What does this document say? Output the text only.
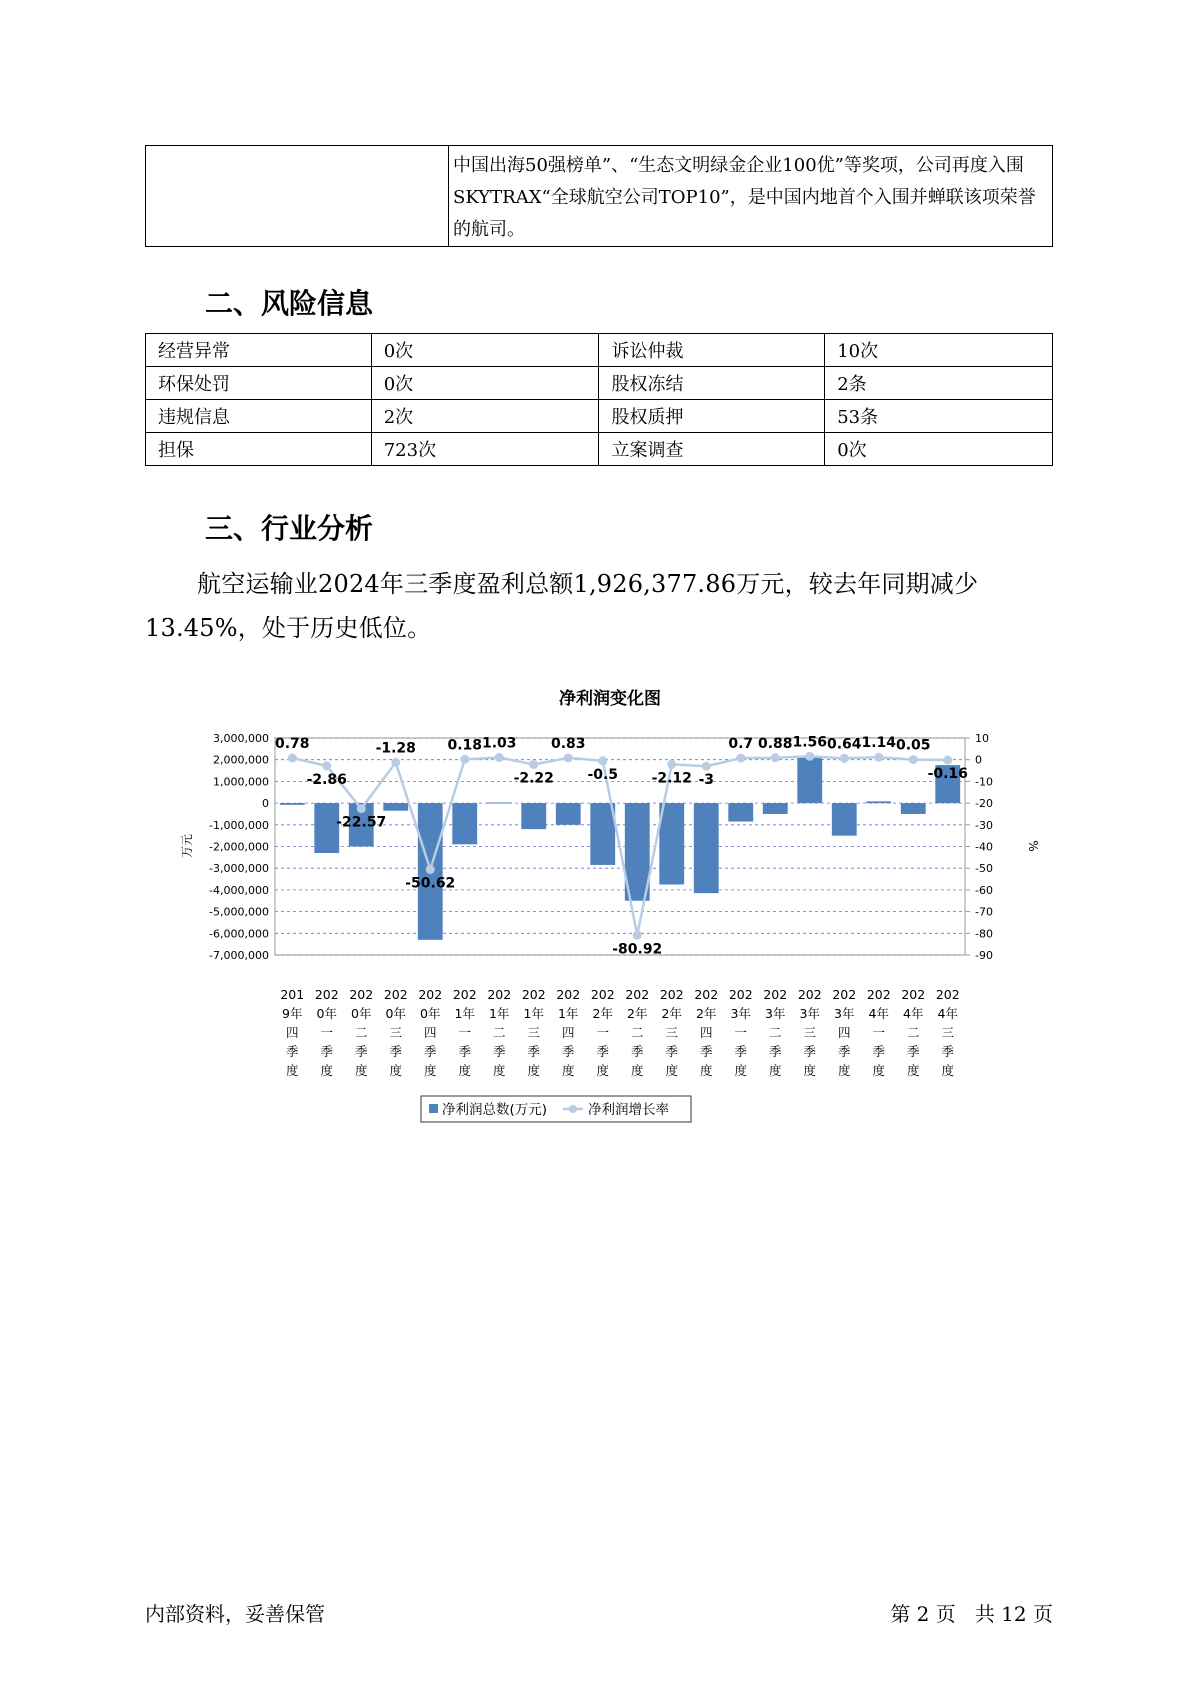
	中国出海50强榜单”、“生态文明绿金企业100优”等奖项，公司再度入围SKYTRAX“全球航空公司TOP10”，是中国内地首个入围并蝉联该项荣誉的航司。
二、风险信息
经营异常	0次	诉讼仲裁	10次
环保处罚	0次	股权冻结	2条
违规信息	2次	股权质押	53条
担保	723次	立案调查	0次
三、行业分析

航空运输业2024年三季度盈利总额1,926,377.86万元，较去年同期减少13.45%，处于历史低位。

净利润变化图
3,000,000
2,000,000
1,000,000
0
-1,000,000
-2,000,000
-3,000,000
-4,000,000
-5,000,000
-6,000,000
-7,000,000
10
0
-10
-20
-30
-40
-50
-60
-70
-80
-90
万元	%
0.78
-2.86
-22.57
-1.28
-50.62
0.18 1.03
-2.22
0.83
-0.5
-80.92
-2.12 -3
0.7 0.88 1.56 0.64 1.14 0.05
-0.16
201
9年
四
季
度
202
0年
一
季
度
202
0年
二
季
度
202
0年
三
季
度
202
0年
四
季
度
202
1年
一
季
度
202
1年
二
季
度
202
1年
三
季
度
202
1年
四
季
度
202
2年
一
季
度
202
2年
二
季
度
202
2年
三
季
度
202
2年
四
季
度
202
3年
一
季
度
202
3年
二
季
度
202
3年
三
季
度
202
3年
四
季
度
202
4年
一
季
度
202
4年
二
季
度
202
4年
三
季
度
净利润总数(万元)	净利润增长率
内部资料，妥善保管	第 2 页   共 12 页
